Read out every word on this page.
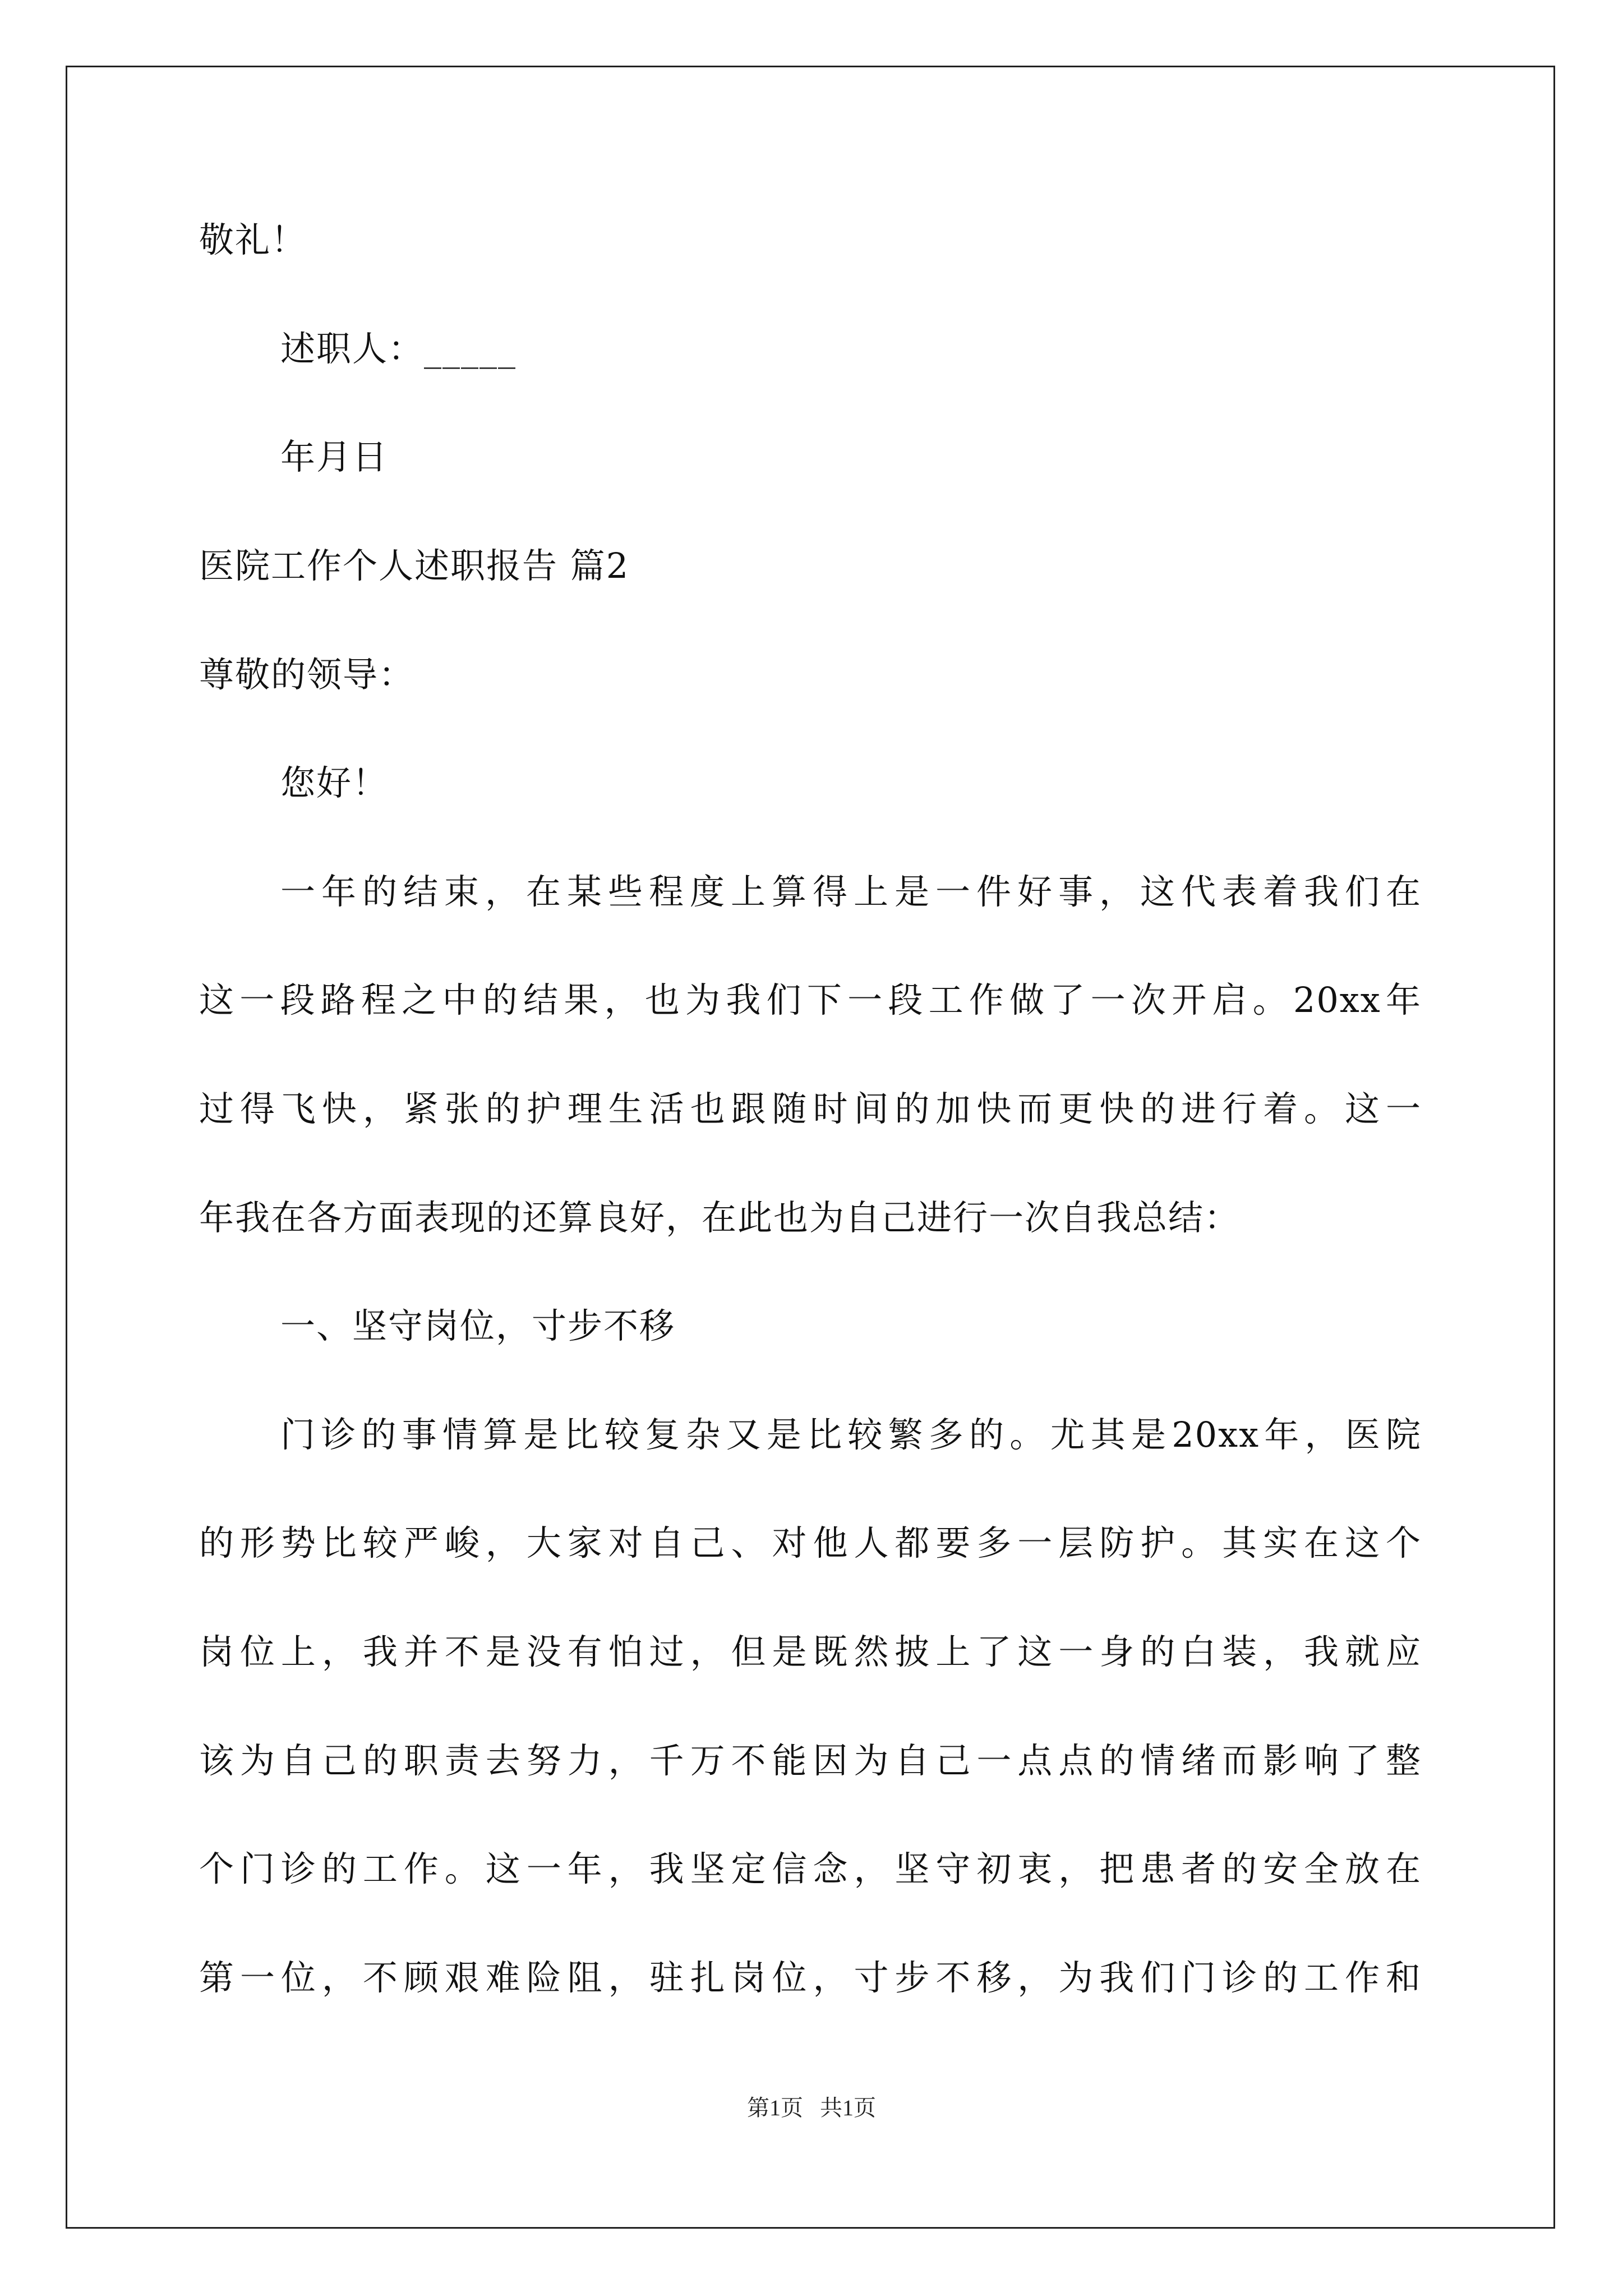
敬礼！
述职人：_____
年月日
医院工作个人述职报告 篇2
尊敬的领导：
您好！
一年的结束，在某些程度上算得上是一件好事，这代表着我们在
这一段路程之中的结果，也为我们下一段工作做了一次开启。20xx年
过得飞快，紧张的护理生活也跟随时间的加快而更快的进行着。这一
年我在各方面表现的还算良好，在此也为自己进行一次自我总结：
一、坚守岗位，寸步不移
门诊的事情算是比较复杂又是比较繁多的。尤其是20xx年，医院
的形势比较严峻，大家对自己、对他人都要多一层防护。其实在这个
岗位上，我并不是没有怕过，但是既然披上了这一身的白装，我就应
该为自己的职责去努力，千万不能因为自己一点点的情绪而影响了整
个门诊的工作。这一年，我坚定信念，坚守初衷，把患者的安全放在
第一位，不顾艰难险阻，驻扎岗位，寸步不移，为我们门诊的工作和
第1页   共1页
